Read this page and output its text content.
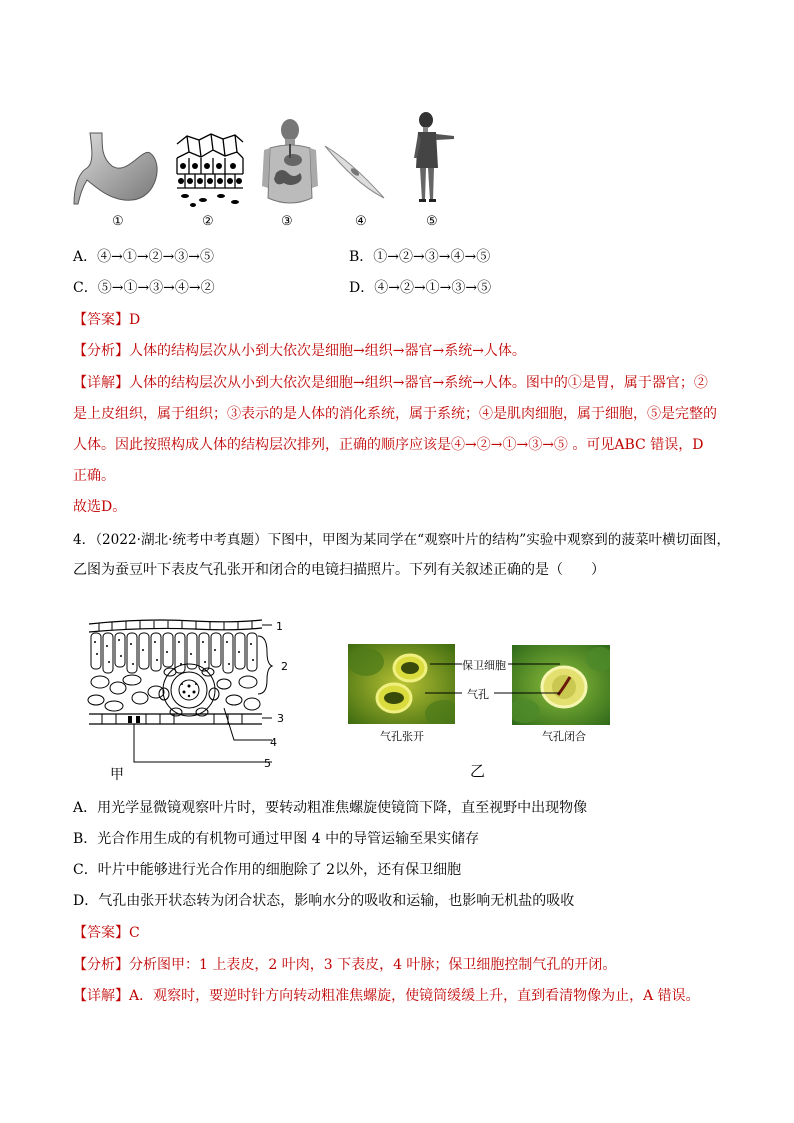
①	②	③	④	⑤
A．④→①→②→③→⑤	B．①→②→③→④→⑤
C．⑤→①→③→④→②	D．④→②→①→③→⑤
【答案】D
【分析】人体的结构层次从小到大依次是细胞→组织→器官→系统→人体。
【详解】人体的结构层次从小到大依次是细胞→组织→器官→系统→人体。图中的①是胃，属于器官；②
是上皮组织，属于组织；③表示的是人体的消化系统，属于系统；④是肌肉细胞，属于细胞，⑤是完整的
人体。因此按照构成人体的结构层次排列，正确的顺序应该是④→②→①→③→⑤ 。可见ABC 错误，D
正确。
故选D。
4．（2022·湖北·统考中考真题）下图中，甲图为某同学在“观察叶片的结构”实验中观察到的菠菜叶横切面图，
乙图为蚕豆叶下表皮气孔张开和闭合的电镜扫描照片。下列有关叙述正确的是（　　）
1
2
3
4
5
甲
保卫细胞
气孔
气孔张开	气孔闭合
乙
A．用光学显微镜观察叶片时，要转动粗准焦螺旋使镜筒下降，直至视野中出现物像
B．光合作用生成的有机物可通过甲图 4 中的导管运输至果实储存
C．叶片中能够进行光合作用的细胞除了 2以外，还有保卫细胞
D．气孔由张开状态转为闭合状态，影响水分的吸收和运输，也影响无机盐的吸收
【答案】C
【分析】分析图甲：1 上表皮，2 叶肉，3 下表皮，4 叶脉；保卫细胞控制气孔的开闭。
【详解】A．观察时，要逆时针方向转动粗准焦螺旋，使镜筒缓缓上升，直到看清物像为止，A 错误。
